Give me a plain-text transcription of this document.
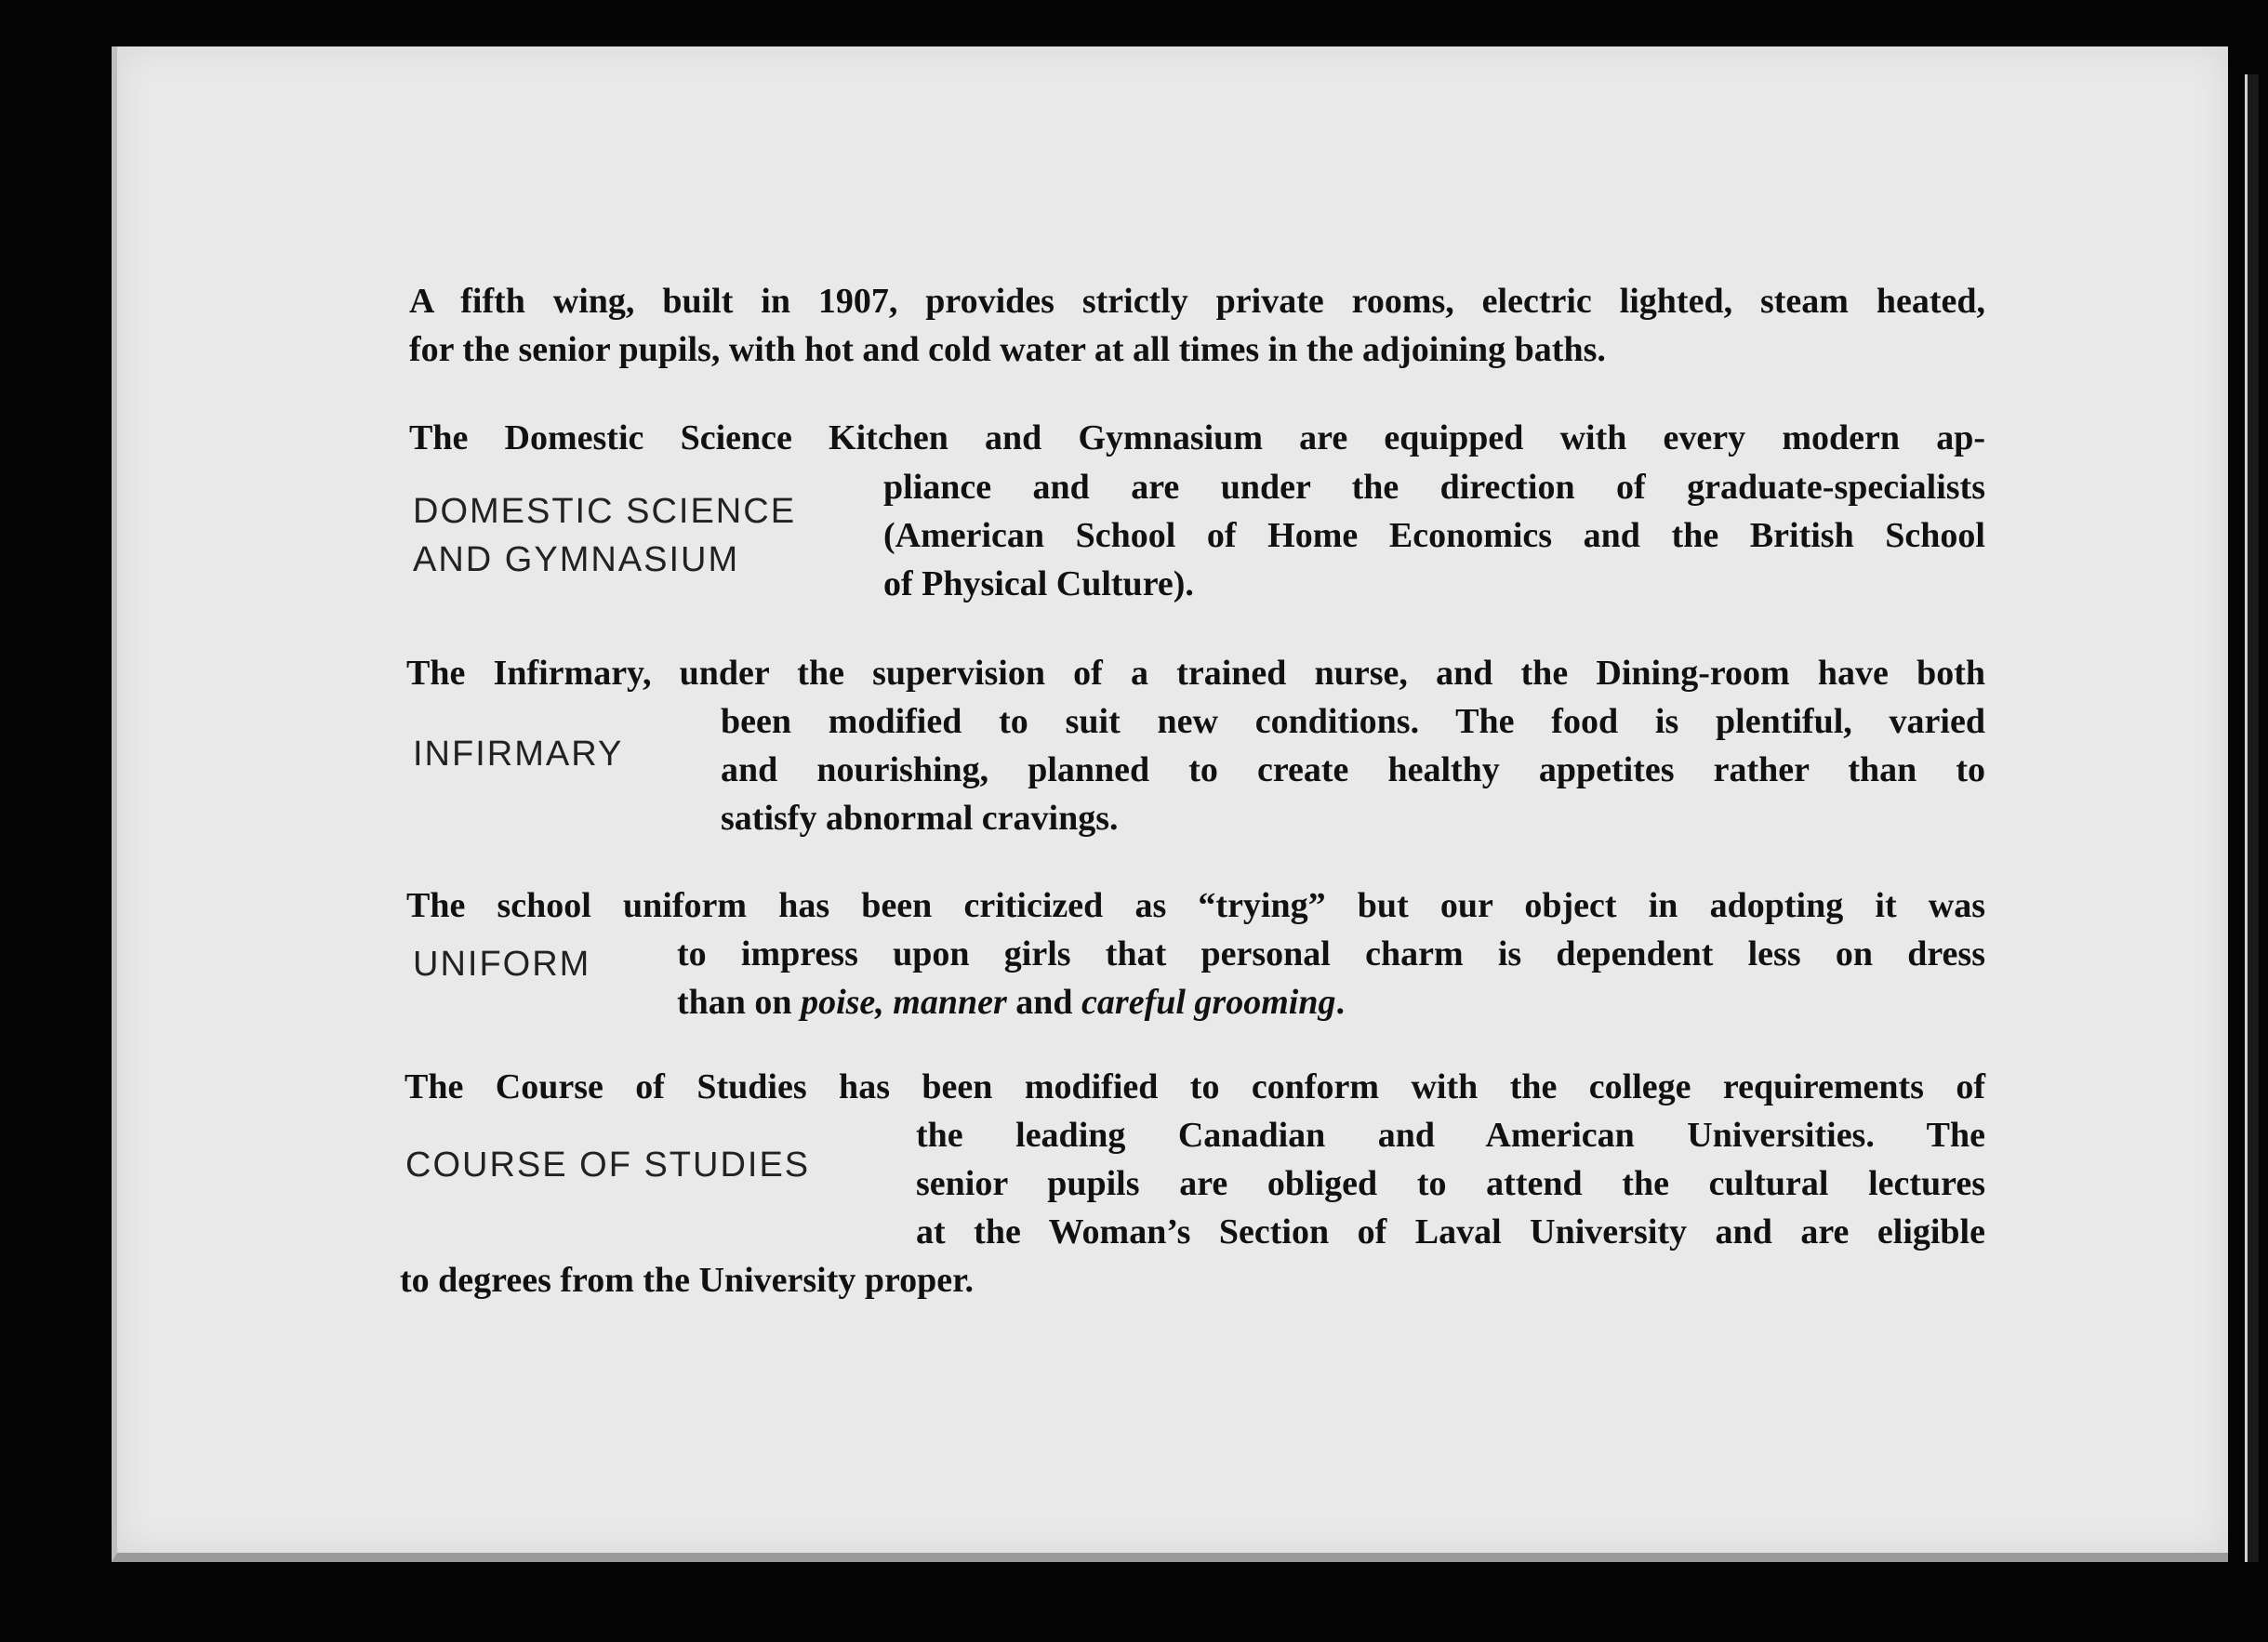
A fifth wing, built in 1907, provides strictly private rooms, electric lighted, steam heated,
for the senior pupils, with hot and cold water at all times in the adjoining baths.
The Domestic Science Kitchen and Gymnasium are equipped with every modern ap-
DOMESTIC SCIENCE
AND GYMNASIUM
pliance and are under the direction of graduate-specialists
(American School of Home Economics and the British School
of Physical Culture).
The Infirmary, under the supervision of a trained nurse, and the Dining-room have both
INFIRMARY
been modified to suit new conditions. The food is plentiful, varied
and nourishing, planned to create healthy appetites rather than to
satisfy abnormal cravings.
The school uniform has been criticized as “trying” but our object in adopting it was
UNIFORM to impress upon girls that personal charm is dependent less on dress
than on poise, manner and careful grooming.
The Course of Studies has been modified to conform with the college requirements of
COURSE OF STUDIES
the leading Canadian and American Universities. The
senior pupils are obliged to attend the cultural lectures
at the Woman’s Section of Laval University and are eligible
to degrees from the University proper.
